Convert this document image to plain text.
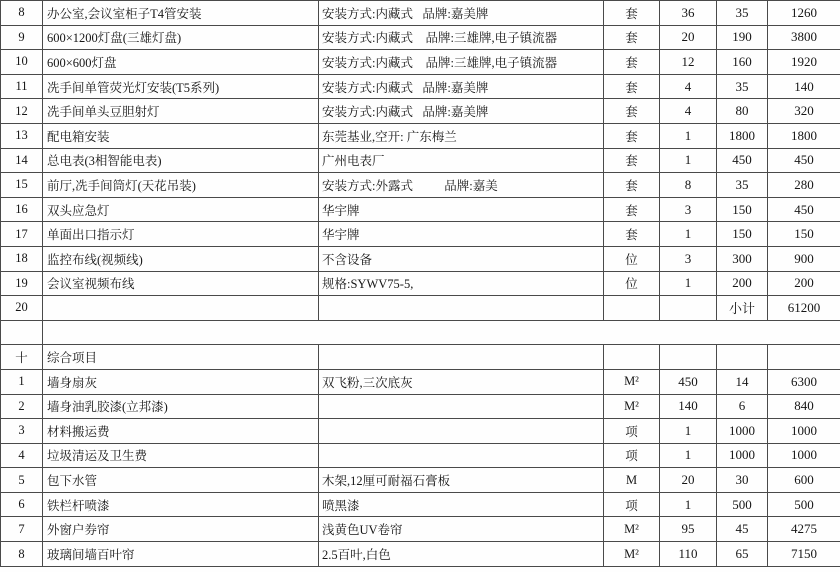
8	办公室,会议室柜子T4管安装	安装方式:内藏式   品牌:嘉美牌	套	36	35	1260
9	600×1200灯盘(三雄灯盘)	安装方式:内藏式    品牌:三雄牌,电子镇流器	套	20	190	3800
10	600×600灯盘	安装方式:内藏式    品牌:三雄牌,电子镇流器	套	12	160	1920
11	冼手间单管荧光灯安装(T5系列)	安装方式:内藏式   品牌:嘉美牌	套	4	35	140
12	冼手间单头豆胆射灯	安装方式:内藏式   品牌:嘉美牌	套	4	80	320
13	配电箱安装	东莞基业,空开: 广东梅兰	套	1	1800	1800
14	总电表(3相智能电表)	广州电表厂	套	1	450	450
15	前厅,冼手间筒灯(天花吊装)	安装方式:外露式          品牌:嘉美	套	8	35	280
16	双头应急灯	华宇牌	套	3	150	450
17	单面出口指示灯	华宇牌	套	1	150	150
18	监控布线(视频线)	不含设备	位	3	300	900
19	会议室视频布线	规格:SYWV75-5,	位	1	200	200
20					小计	61200

十	综合项目					
1	墙身扇灰	双飞粉,三次底灰	M²	450	14	6300
2	墙身油乳胶漆(立邦漆)		M²	140	6	840
3	材料搬运费		项	1	1000	1000
4	垃圾清运及卫生费		项	1	1000	1000
5	包下水管	木架,12厘可耐福石膏板	M	20	30	600
6	铁栏杆喷漆	喷黑漆	项	1	500	500
7	外窗户券帘	浅黄色UV卷帘	M²	95	45	4275
8	玻璃间墙百叶帘	2.5百叶,白色	M²	110	65	7150
